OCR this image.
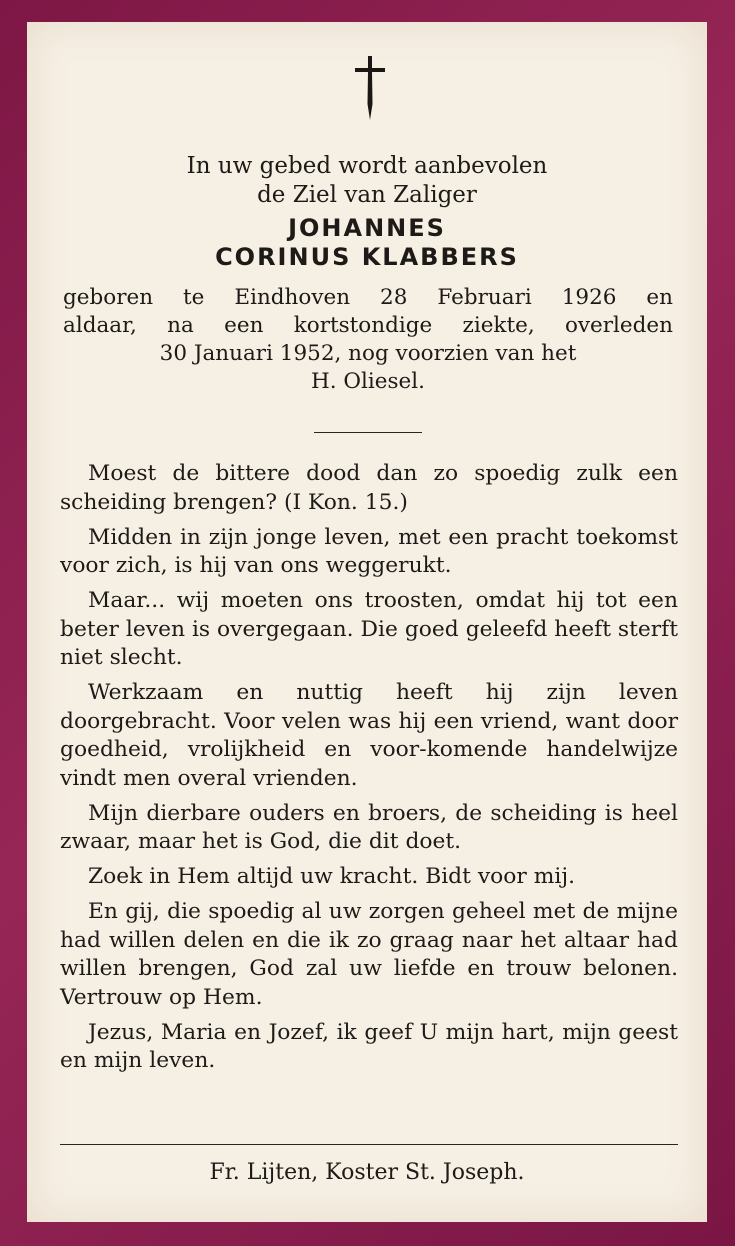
In uw gebed wordt aanbevolen
de Ziel van Zaliger
JOHANNES
CORINUS KLABBERS
geboren te Eindhoven 28 Februari 1926 en
aldaar, na een kortstondige ziekte, overleden
30 Januari 1952, nog voorzien van het
H. Oliesel.

Moest de bittere dood dan zo spoedig zulk een scheiding brengen? (I Kon. 15.)

Midden in zijn jonge leven, met een pracht toekomst voor zich, is hij van ons weggerukt.

Maar... wij moeten ons troosten, omdat hij tot een beter leven is overgegaan. Die goed geleefd heeft sterft niet slecht.

Werkzaam en nuttig heeft hij zijn leven doorgebracht. Voor velen was hij een vriend, want door goedheid, vrolijkheid en voor-komende handelwijze vindt men overal vrienden.

Mijn dierbare ouders en broers, de scheiding is heel zwaar, maar het is God, die dit doet.

Zoek in Hem altijd uw kracht. Bidt voor mij.

En gij, die spoedig al uw zorgen geheel met de mijne had willen delen en die ik zo graag naar het altaar had willen brengen, God zal uw liefde en trouw belonen. Vertrouw op Hem.

Jezus, Maria en Jozef, ik geef U mijn hart, mijn geest en mijn leven.

Fr. Lijten, Koster St. Joseph.
